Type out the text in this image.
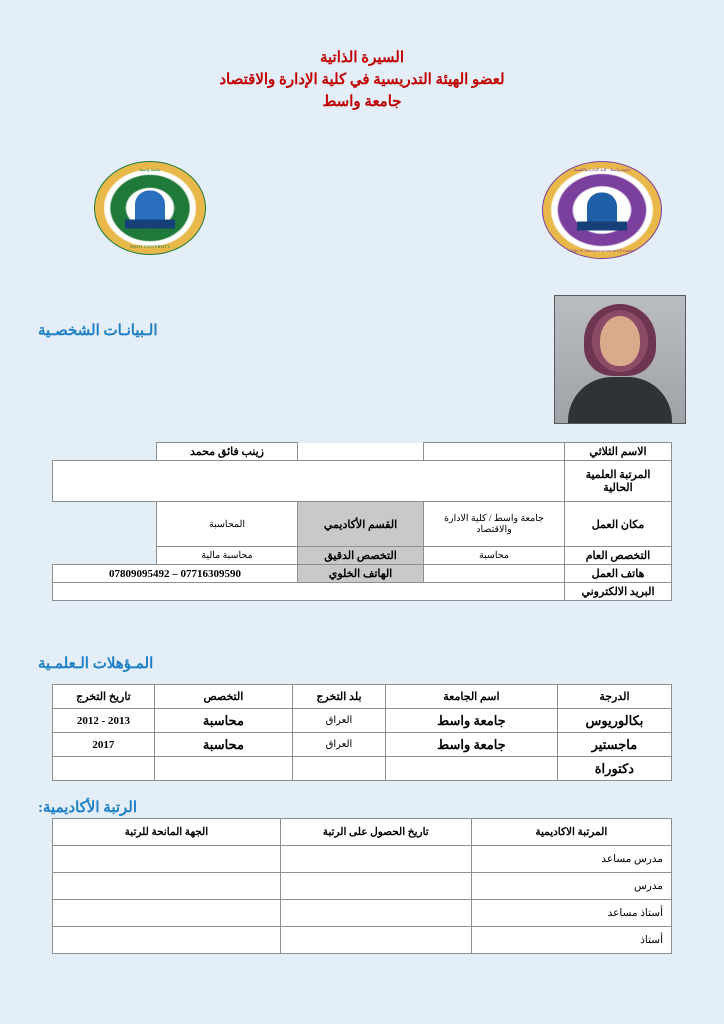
السيرة الذاتية
لعضو الهيئة التدريسية في كلية الإدارة والاقتصاد
جامعة واسط
جامعة واسط - كلية الإدارة والاقتصاد
College of Administration and Economics
جامعة واسط
WASIT UNIVERSITY
الـبيانـات الشخصـية
الاسم الثلاثي			زينب فائق محمد	
المرتبة العلمية الحالية				
مكان العمل	جامعة واسط / كلية الادارة والاقتصاد	القسم الأكاديمي	المحاسبة	
التخصص العام	محاسبة	التخصص الدقيق	محاسبة مالية	
هاتف العمل		الهاتف الخلوي	07716309590 – 07809095492	
البريد الالكتروني				
المـؤهلات الـعلمـية
الدرجة	اسم الجامعة	بلد التخرج	التخصص	تاريخ التخرج
بكالوريوس	جامعة واسط	العراق	محاسبة	2013 - 2012
ماجستير	جامعة واسط	العراق	محاسبة	2017
دكتوراة				
الرتبة الأكاديمية:
المرتبة الاكاديمية	تاريخ الحصول على الرتبة	الجهة المانحة للرتبة
مدرس مساعد		
مدرس		
أستاذ مساعد		
أستاذ		
